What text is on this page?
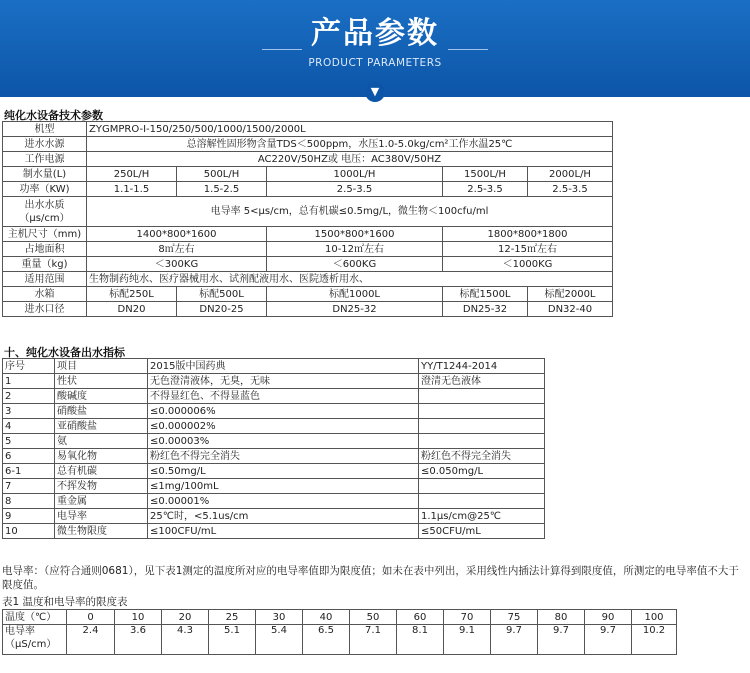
产品参数
PRODUCT PARAMETERS
▼
纯化水设备技术参数
机型	ZYGMPRO-I-150/250/500/1000/1500/2000L				
进水水源	总溶解性固形物含量TDS＜500ppm，水压1.0-5.0kg/cm²工作水温25℃				
工作电源	AC220V/50HZ或 电压：AC380V/50HZ				
制水量(L)	250L/H	500L/H	1000L/H	1500L/H	2000L/H
功率（KW)	1.1-1.5	1.5-2.5	2.5-3.5	2.5-3.5	2.5-3.5
出水水质（μs/cm）	电导率 5<μs/cm，总有机碳≤0.5mg/L，微生物＜100cfu/ml				
主机尺寸（mm)	1400*800*1600		1500*800*1600	1800*800*1800	
占地面积	8㎡左右		10-12㎡左右	12-15㎡左右	
重量（kg)	＜300KG		＜600KG	＜1000KG	
适用范围	生物制药纯水、医疗器械用水、试剂配液用水、医院透析用水、				
水箱	标配250L	标配500L	标配1000L	标配1500L	标配2000L
进水口径	DN20	DN20-25	DN25-32	DN25-32	DN32-40
十、纯化水设备出水指标
序号	项目	2015版中国药典	YY/T1244-2014
1	性状	无色澄清液体，无臭，无味	澄清无色液体
2	酸碱度	不得显红色、不得显蓝色	
3	硝酸盐	≤0.000006%	
4	亚硝酸盐	≤0.000002%	
5	氨	≤0.00003%	
6	易氧化物	粉红色不得完全消失	粉红色不得完全消失
6-1	总有机碳	≤0.50mg/L	≤0.050mg/L
7	不挥发物	≤1mg/100mL	
8	重金属	≤0.00001%	
9	电导率	25℃时，<5.1us/cm	1.1μs/cm@25℃
10	微生物限度	≤100CFU/mL	≤50CFU/mL
电导率：（应符合通则0681），见下表1测定的温度所对应的电导率值即为限度值；如未在表中列出，采用线性内插法计算得到限度值，所测定的电导率值不大于限度值。
表1 温度和电导率的限度表
温度（℃）	0	10	20	25	30	40	50	60	70	75	80	90	100
电导率（μS/cm）	2.4	3.6	4.3	5.1	5.4	6.5	7.1	8.1	9.1	9.7	9.7	9.7	10.2
